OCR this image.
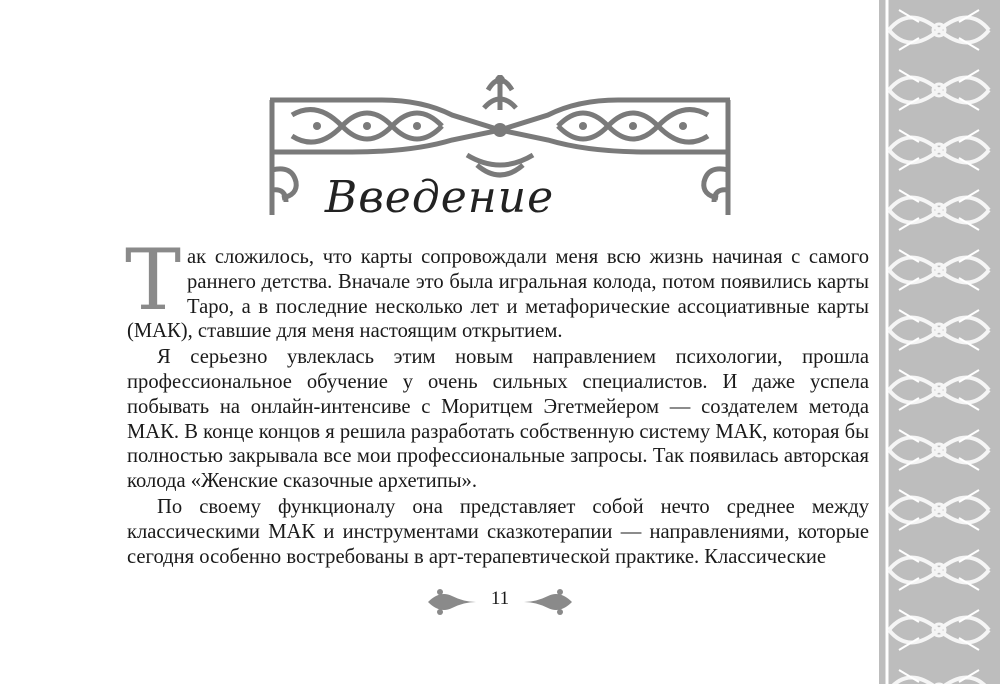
Введение

Так сложилось, что карты сопровождали меня всю жизнь начиная с самого раннего детства. Вначале это была игральная колода, потом появились карты Таро, а в последние несколько лет и метафорические ассоциативные карты (МАК), ставшие для меня настоящим открытием.

Я серьезно увлеклась этим новым направлением психологии, прошла профессиональное обучение у очень сильных специалистов. И даже успела побывать на онлайн-интенсиве с Моритцем Эгетмейером — создателем метода МАК. В конце концов я решила разработать собственную систему МАК, которая бы полностью закрывала все мои профессиональные запросы. Так появилась авторская колода «Женские сказочные архетипы».

По своему функционалу она представляет собой нечто среднее между классическими МАК и инструментами сказкотерапии — направлениями, которые сегодня особенно востребованы в арт-терапевтической практике. Классические

11
